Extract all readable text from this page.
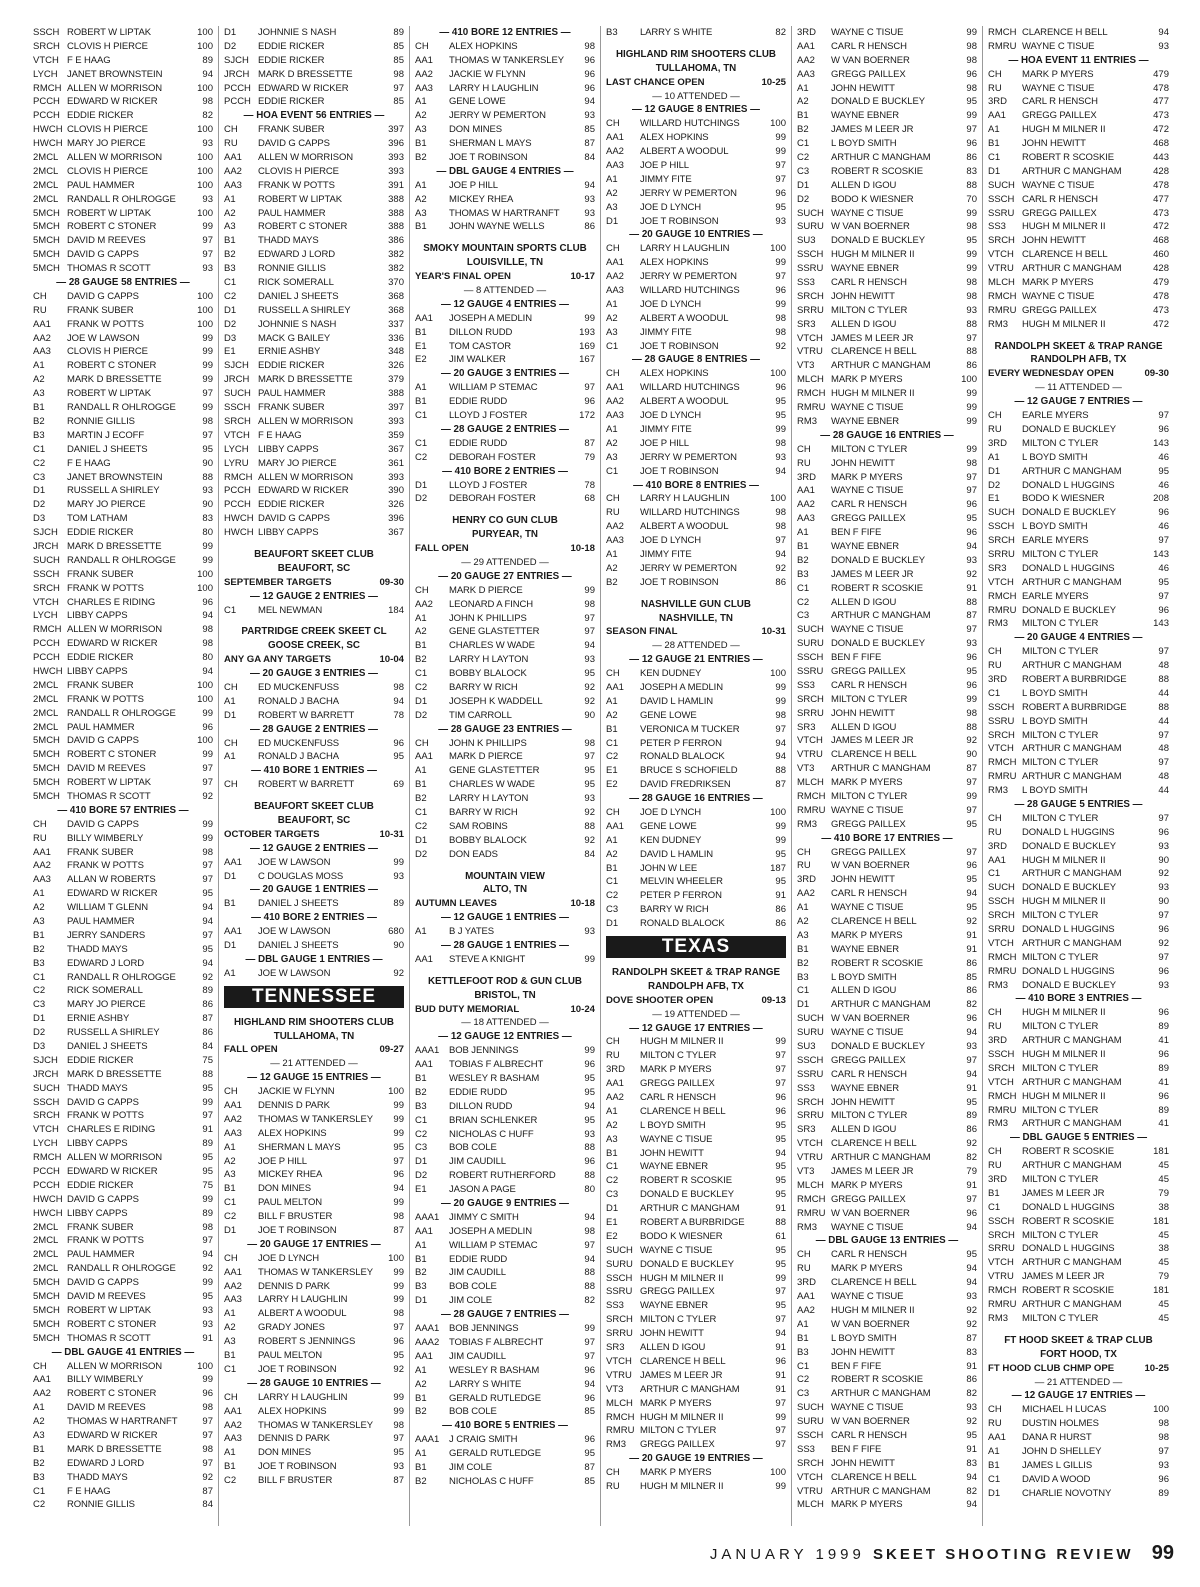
SSCH ROBERT W LIPTAK	100
SRCH CLOVIS H PIERCE	100
VTCH F E HAAG	89
LYCH JANET BROWNSTEIN	94
RMCH ALLEN W MORRISON	100
PCCH EDWARD W RICKER	98
PCCH EDDIE RICKER	82
HWCH CLOVIS H PIERCE	100
HWCH MARY JO PIERCE	93
2MCL ALLEN W MORRISON	100
2MCL CLOVIS H PIERCE	100
2MCL PAUL HAMMER	100
2MCL RANDALL R OHLROGGE	93
5MCH ROBERT W LIPTAK	100
5MCH ROBERT C STONER	99
5MCH DAVID M REEVES	97
5MCH DAVID G CAPPS	97
5MCH THOMAS R SCOTT	93
— 28 GAUGE 58 ENTRIES —
CH	DAVID G CAPPS	100
RU	FRANK SUBER	100
AA1	FRANK W POTTS	100
AA2	JOE W LAWSON	99
AA3	CLOVIS H PIERCE	99
A1	ROBERT C STONER	99
A2	MARK D BRESSETTE	99
A3	ROBERT W LIPTAK	97
B1	RANDALL R OHLROGGE	99
B2	RONNIE GILLIS	98
B3	MARTIN J ECOFF	97
C1	DANIEL J SHEETS	95
C2	F E HAAG	90
C3	JANET BROWNSTEIN	88
D1	RUSSELL A SHIRLEY	93
D2	MARY JO PIERCE	90
D3	TOM LATHAM	83
SJCH EDDIE RICKER	80
JRCH MARK D BRESSETTE	99
SUCH RANDALL R OHLROGGE	99
SSCH FRANK SUBER	100
SRCH FRANK W POTTS	100
VTCH CHARLES E RIDING	96
LYCH LIBBY CAPPS	94
RMCH ALLEN W MORRISON	98
PCCH EDWARD W RICKER	98
PCCH EDDIE RICKER	80
HWCH LIBBY CAPPS	94
2MCL FRANK SUBER	100
2MCL FRANK W POTTS	100
2MCL RANDALL R OHLROGGE	99
2MCL PAUL HAMMER	96
5MCH DAVID G CAPPS	100
5MCH ROBERT C STONER	99
5MCH DAVID M REEVES	97
5MCH ROBERT W LIPTAK	97
5MCH THOMAS R SCOTT	92
— 410 BORE 57 ENTRIES —
CH	DAVID G CAPPS	99
RU	BILLY WIMBERLY	99
AA1	FRANK SUBER	98
AA2	FRANK W POTTS	97
AA3	ALLAN W ROBERTS	97
A1	EDWARD W RICKER	95
A2	WILLIAM T GLENN	94
A3	PAUL HAMMER	94
B1	JERRY SANDERS	97
B2	THADD MAYS	95
B3	EDWARD J LORD	94
C1	RANDALL R OHLROGGE	92
C2	RICK SOMERALL	89
C3	MARY JO PIERCE	86
D1	ERNIE ASHBY	87
D2	RUSSELL A SHIRLEY	86
D3	DANIEL J SHEETS	84
SJCH EDDIE RICKER	75
JRCH MARK D BRESSETTE	88
SUCH THADD MAYS	95
SSCH DAVID G CAPPS	99
SRCH FRANK W POTTS	97
VTCH CHARLES E RIDING	91
LYCH LIBBY CAPPS	89
RMCH ALLEN W MORRISON	95
PCCH EDWARD W RICKER	95
PCCH EDDIE RICKER	75
HWCH DAVID G CAPPS	99
HWCH LIBBY CAPPS	89
2MCL FRANK SUBER	98
2MCL FRANK W POTTS	97
2MCL PAUL HAMMER	94
2MCL RANDALL R OHLROGGE	92
5MCH DAVID G CAPPS	99
5MCH DAVID M REEVES	95
5MCH ROBERT W LIPTAK	93
5MCH ROBERT C STONER	93
5MCH THOMAS R SCOTT	91
— DBL GAUGE 41 ENTRIES —
CH	ALLEN W MORRISON	100
AA1	BILLY WIMBERLY	99
AA2	ROBERT C STONER	96
A1	DAVID M REEVES	98
A2	THOMAS W HARTRANFT	97
A3	EDWARD W RICKER	97
B1	MARK D BRESSETTE	98
B2	EDWARD J LORD	97
B3	THADD MAYS	92
C1	F E HAAG	87
C2	RONNIE GILLIS	84
D1	JOHNNIE S NASH	89
D2	EDDIE RICKER	85
SJCH EDDIE RICKER	85
JRCH MARK D BRESSETTE	98
PCCH EDWARD W RICKER	97
PCCH EDDIE RICKER	85
— HOA EVENT 56 ENTRIES —
CH	FRANK SUBER	397
RU	DAVID G CAPPS	396
AA1	ALLEN W MORRISON	393
AA2	CLOVIS H PIERCE	393
AA3	FRANK W POTTS	391
A1	ROBERT W LIPTAK	388
A2	PAUL HAMMER	388
A3	ROBERT C STONER	388
B1	THADD MAYS	386
B2	EDWARD J LORD	382
B3	RONNIE GILLIS	382
C1	RICK SOMERALL	370
C2	DANIEL J SHEETS	368
D1	RUSSELL A SHIRLEY	368
D2	JOHNNIE S NASH	337
D3	MACK G BAILEY	336
E1	ERNIE ASHBY	348
SJCH EDDIE RICKER	326
JRCH MARK D BRESSETTE	379
SUCH PAUL HAMMER	388
SSCH FRANK SUBER	397
SRCH ALLEN W MORRISON	393
VTCH F E HAAG	359
LYCH LIBBY CAPPS	367
LYRU MARY JO PIERCE	361
RMCH ALLEN W MORRISON	393
PCCH EDWARD W RICKER	390
PCCH EDDIE RICKER	326
HWCH DAVID G CAPPS	396
HWCH LIBBY CAPPS	367
BEAUFORT SKEET CLUB
BEAUFORT, SC
SEPTEMBER TARGETS	09-30
— 12 GAUGE 2 ENTRIES —
C1	MEL NEWMAN	184
PARTRIDGE CREEK SKEET CL
GOOSE CREEK, SC
ANY GA ANY TARGETS	10-04
— 20 GAUGE 3 ENTRIES —
CH	ED MUCKENFUSS	98
A1	RONALD J BACHA	94
D1	ROBERT W BARRETT	78
— 28 GAUGE 2 ENTRIES —
CH	ED MUCKENFUSS	96
A1	RONALD J BACHA	95
— 410 BORE 1 ENTRIES —
CH	ROBERT W BARRETT	69
BEAUFORT SKEET CLUB
BEAUFORT, SC
OCTOBER TARGETS	10-31
— 12 GAUGE 2 ENTRIES —
AA1	JOE W LAWSON	99
D1	C DOUGLAS MOSS	93
— 20 GAUGE 1 ENTRIES —
B1	DANIEL J SHEETS	89
— 410 BORE 2 ENTRIES —
AA1	JOE W LAWSON	680
D1	DANIEL J SHEETS	90
— DBL GAUGE 1 ENTRIES —
A1	JOE W LAWSON	92
TENNESSEE
HIGHLAND RIM SHOOTERS CLUB
TULLAHOMA, TN
FALL OPEN	09-27
— 21 ATTENDED —
— 12 GAUGE 15 ENTRIES —
CH	JACKIE W FLYNN	100
AA1	DENNIS D PARK	99
AA2	THOMAS W TANKERSLEY	99
AA3	ALEX HOPKINS	99
A1	SHERMAN L MAYS	95
A2	JOE P HILL	97
A3	MICKEY RHEA	96
B1	DON MINES	94
C1	PAUL MELTON	99
C2	BILL F BRUSTER	98
D1	JOE T ROBINSON	87
— 20 GAUGE 17 ENTRIES —
CH	JOE D LYNCH	100
AA1	THOMAS W TANKERSLEY	99
AA2	DENNIS D PARK	99
AA3	LARRY H LAUGHLIN	99
A1	ALBERT A WOODUL	98
A2	GRADY JONES	97
A3	ROBERT S JENNINGS	96
B1	PAUL MELTON	95
C1	JOE T ROBINSON	92
— 28 GAUGE 10 ENTRIES —
CH	LARRY H LAUGHLIN	99
AA1	ALEX HOPKINS	99
AA2	THOMAS W TANKERSLEY	98
AA3	DENNIS D PARK	97
A1	DON MINES	95
B1	JOE T ROBINSON	93
C2	BILL F BRUSTER	87
— 410 BORE 12 ENTRIES —
CH	ALEX HOPKINS	98
AA1	THOMAS W TANKERSLEY	96
AA2	JACKIE W FLYNN	96
AA3	LARRY H LAUGHLIN	96
A1	GENE LOWE	94
A2	JERRY W PEMERTON	93
A3	DON MINES	85
B1	SHERMAN L MAYS	87
B2	JOE T ROBINSON	84
— DBL GAUGE 4 ENTRIES —
A1	JOE P HILL	94
A2	MICKEY RHEA	93
A3	THOMAS W HARTRANFT	93
B1	JOHN WAYNE WELLS	86
SMOKY MOUNTAIN SPORTS CLUB
LOUISVILLE, TN
YEAR'S FINAL OPEN	10-17
— 8 ATTENDED —
— 12 GAUGE 4 ENTRIES —
AA1	JOSEPH A MEDLIN	99
B1	DILLON RUDD	193
E1	TOM CASTOR	169
E2	JIM WALKER	167
— 20 GAUGE 3 ENTRIES —
A1	WILLIAM P STEMAC	97
B1	EDDIE RUDD	96
C1	LLOYD J FOSTER	172
— 28 GAUGE 2 ENTRIES —
C1	EDDIE RUDD	87
C2	DEBORAH FOSTER	79
— 410 BORE 2 ENTRIES —
D1	LLOYD J FOSTER	78
D2	DEBORAH FOSTER	68
HENRY CO GUN CLUB
PURYEAR, TN
FALL OPEN	10-18
— 29 ATTENDED —
— 20 GAUGE 27 ENTRIES —
CH	MARK D PIERCE	99
AA2	LEONARD A FINCH	98
A1	JOHN K PHILLIPS	97
A2	GENE GLASTETTER	97
B1	CHARLES W WADE	94
B2	LARRY H LAYTON	93
C1	BOBBY BLALOCK	95
C2	BARRY W RICH	92
D1	JOSEPH K WADDELL	92
D2	TIM CARROLL	90
— 28 GAUGE 23 ENTRIES —
CH	JOHN K PHILLIPS	98
AA1	MARK D PIERCE	97
A1	GENE GLASTETTER	95
B1	CHARLES W WADE	95
B2	LARRY H LAYTON	93
C1	BARRY W RICH	92
C2	SAM ROBINS	88
D1	BOBBY BLALOCK	92
D2	DON EADS	84
MOUNTAIN VIEW
ALTO, TN
AUTUMN LEAVES	10-18
— 12 GAUGE 1 ENTRIES —
A1	B J YATES	93
— 28 GAUGE 1 ENTRIES —
AA1	STEVE A KNIGHT	99
KETTLEFOOT ROD & GUN CLUB
BRISTOL, TN
BUD DUTY MEMORIAL	10-24
— 18 ATTENDED —
— 12 GAUGE 12 ENTRIES —
AAA1	BOB JENNINGS	99
AA1	TOBIAS F ALBRECHT	96
B1	WESLEY R BASHAM	95
B2	EDDIE RUDD	95
B3	DILLON RUDD	94
C1	BRIAN SCHLENKER	95
C2	NICHOLAS C HUFF	93
C3	BOB COLE	88
D1	JIM CAUDILL	96
D2	ROBERT RUTHERFORD	88
E1	JASON A PAGE	80
— 20 GAUGE 9 ENTRIES —
AAA1	JIMMY C SMITH	94
AA1	JOSEPH A MEDLIN	98
A1	WILLIAM P STEMAC	97
B1	EDDIE RUDD	94
B2	JIM CAUDILL	88
B3	BOB COLE	88
D1	JIM COLE	82
— 28 GAUGE 7 ENTRIES —
AAA1	BOB JENNINGS	99
AAA2	TOBIAS F ALBRECHT	97
AA1	JIM CAUDILL	97
A1	WESLEY R BASHAM	96
A2	LARRY S WHITE	94
B1	GERALD RUTLEDGE	96
B2	BOB COLE	85
— 410 BORE 5 ENTRIES —
AAA1	J CRAIG SMITH	96
A1	GERALD RUTLEDGE	95
B1	JIM COLE	87
B2	NICHOLAS C HUFF	85
B3	LARRY S WHITE	82
HIGHLAND RIM SHOOTERS CLUB
TULLAHOMA, TN
LAST CHANCE OPEN	10-25
— 10 ATTENDED —
— 12 GAUGE 8 ENTRIES —
CH	WILLARD HUTCHINGS	100
AA1	ALEX HOPKINS	99
AA2	ALBERT A WOODUL	99
AA3	JOE P HILL	97
A1	JIMMY FITE	97
A2	JERRY W PEMERTON	96
A3	JOE D LYNCH	95
D1	JOE T ROBINSON	93
— 20 GAUGE 10 ENTRIES —
CH	LARRY H LAUGHLIN	100
AA1	ALEX HOPKINS	99
AA2	JERRY W PEMERTON	97
AA3	WILLARD HUTCHINGS	96
A1	JOE D LYNCH	99
A2	ALBERT A WOODUL	98
A3	JIMMY FITE	98
C1	JOE T ROBINSON	92
— 28 GAUGE 8 ENTRIES —
CH	ALEX HOPKINS	100
AA1	WILLARD HUTCHINGS	96
AA2	ALBERT A WOODUL	95
AA3	JOE D LYNCH	95
A1	JIMMY FITE	99
A2	JOE P HILL	98
A3	JERRY W PEMERTON	93
C1	JOE T ROBINSON	94
— 410 BORE 8 ENTRIES —
CH	LARRY H LAUGHLIN	100
RU	WILLARD HUTCHINGS	98
AA2	ALBERT A WOODUL	98
AA3	JOE D LYNCH	97
A1	JIMMY FITE	94
A2	JERRY W PEMERTON	92
B2	JOE T ROBINSON	86
NASHVILLE GUN CLUB
NASHVILLE, TN
SEASON FINAL	10-31
— 28 ATTENDED —
— 12 GAUGE 21 ENTRIES —
CH	KEN DUDNEY	100
AA1	JOSEPH A MEDLIN	99
A1	DAVID L HAMLIN	99
A2	GENE LOWE	98
B1	VERONICA M TUCKER	97
C1	PETER P FERRON	94
C2	RONALD BLALOCK	94
E1	BRUCE S SCHOFIELD	88
E2	DAVID FREDRIKSEN	87
— 28 GAUGE 16 ENTRIES —
CH	JOE D LYNCH	100
AA1	GENE LOWE	99
A1	KEN DUDNEY	99
A2	DAVID L HAMLIN	95
B1	JOHN W LEE	187
C1	MELVIN WHEELER	95
C2	PETER P FERRON	91
C3	BARRY W RICH	86
D1	RONALD BLALOCK	86
TEXAS
RANDOLPH SKEET & TRAP RANGE
RANDOLPH AFB, TX
DOVE SHOOTER OPEN	09-13
— 19 ATTENDED —
— 12 GAUGE 17 ENTRIES —
CH	HUGH M MILNER II	99
RU	MILTON C TYLER	97
3RD	MARK P MYERS	97
AA1	GREGG PAILLEX	97
AA2	CARL R HENSCH	96
A1	CLARENCE H BELL	96
A2	L BOYD SMITH	95
A3	WAYNE C TISUE	95
B1	JOHN HEWITT	94
C1	WAYNE EBNER	95
C2	ROBERT R SCOSKIE	95
C3	DONALD E BUCKLEY	95
D1	ARTHUR C MANGHAM	91
E1	ROBERT A BURBRIDGE	88
E2	BODO K WIESNER	61
SUCH WAYNE C TISUE	95
SURU DONALD E BUCKLEY	95
SSCH HUGH M MILNER II	99
SSRU GREGG PAILLEX	97
SS3	WAYNE EBNER	95
SRCH MILTON C TYLER	97
SRRU JOHN HEWITT	94
SR3	ALLEN D IGOU	91
VTCH CLARENCE H BELL	96
VTRU JAMES M LEER JR	91
VT3	ARTHUR C MANGHAM	91
MLCH MARK P MYERS	97
RMCH HUGH M MILNER II	99
RMRU MILTON C TYLER	97
RM3	GREGG PAILLEX	97
— 20 GAUGE 19 ENTRIES —
CH	MARK P MYERS	100
RU	HUGH M MILNER II	99
3RD	WAYNE C TISUE	99
AA1	CARL R HENSCH	98
AA2	W VAN BOERNER	98
AA3	GREGG PAILLEX	96
A1	JOHN HEWITT	98
A2	DONALD E BUCKLEY	95
B1	WAYNE EBNER	99
B2	JAMES M LEER JR	97
C1	L BOYD SMITH	96
C2	ARTHUR C MANGHAM	86
C3	ROBERT R SCOSKIE	83
D1	ALLEN D IGOU	88
D2	BODO K WIESNER	70
SUCH WAYNE C TISUE	99
SURU W VAN BOERNER	98
SU3	DONALD E BUCKLEY	95
SSCH HUGH M MILNER II	99
SSRU WAYNE EBNER	99
SS3	CARL R HENSCH	98
SRCH JOHN HEWITT	98
SRRU MILTON C TYLER	93
SR3	ALLEN D IGOU	88
VTCH JAMES M LEER JR	97
VTRU CLARENCE H BELL	88
VT3	ARTHUR C MANGHAM	86
MLCH MARK P MYERS	100
RMCH HUGH M MILNER II	99
RMRU WAYNE C TISUE	99
RM3	WAYNE EBNER	99
— 28 GAUGE 16 ENTRIES —
CH	MILTON C TYLER	99
RU	JOHN HEWITT	98
3RD	MARK P MYERS	97
AA1	WAYNE C TISUE	97
AA2	CARL R HENSCH	96
AA3	GREGG PAILLEX	95
A1	BEN F FIFE	96
B1	WAYNE EBNER	94
B2	DONALD E BUCKLEY	93
B3	JAMES M LEER JR	92
C1	ROBERT R SCOSKIE	91
C2	ALLEN D IGOU	88
C3	ARTHUR C MANGHAM	87
SUCH WAYNE C TISUE	97
SURU DONALD E BUCKLEY	93
SSCH BEN F FIFE	96
SSRU GREGG PAILLEX	95
SS3	CARL R HENSCH	96
SRCH MILTON C TYLER	99
SRRU JOHN HEWITT	98
SR3	ALLEN D IGOU	88
VTCH JAMES M LEER JR	92
VTRU CLARENCE H BELL	90
VT3	ARTHUR C MANGHAM	87
MLCH MARK P MYERS	97
RMCH MILTON C TYLER	99
RMRU WAYNE C TISUE	97
RM3	GREGG PAILLEX	95
— 410 BORE 17 ENTRIES —
CH	GREGG PAILLEX	97
RU	W VAN BOERNER	96
3RD	JOHN HEWITT	95
AA2	CARL R HENSCH	94
A1	WAYNE C TISUE	95
A2	CLARENCE H BELL	92
A3	MARK P MYERS	91
B1	WAYNE EBNER	91
B2	ROBERT R SCOSKIE	86
B3	L BOYD SMITH	85
C1	ALLEN D IGOU	86
D1	ARTHUR C MANGHAM	82
SUCH W VAN BOERNER	96
SURU WAYNE C TISUE	94
SU3	DONALD E BUCKLEY	93
SSCH GREGG PAILLEX	97
SSRU CARL R HENSCH	94
SS3	WAYNE EBNER	91
SRCH JOHN HEWITT	95
SRRU MILTON C TYLER	89
SR3	ALLEN D IGOU	86
VTCH CLARENCE H BELL	92
VTRU ARTHUR C MANGHAM	82
VT3	JAMES M LEER JR	79
MLCH MARK P MYERS	91
RMCH GREGG PAILLEX	97
RMRU W VAN BOERNER	96
RM3	WAYNE C TISUE	94
— DBL GAUGE 13 ENTRIES —
CH	CARL R HENSCH	95
RU	MARK P MYERS	94
3RD	CLARENCE H BELL	94
AA1	WAYNE C TISUE	93
AA2	HUGH M MILNER II	92
A1	W VAN BOERNER	92
B1	L BOYD SMITH	87
B3	JOHN HEWITT	83
C1	BEN F FIFE	91
C2	ROBERT R SCOSKIE	86
C3	ARTHUR C MANGHAM	82
SUCH WAYNE C TISUE	93
SURU W VAN BOERNER	92
SSCH CARL R HENSCH	95
SS3	BEN F FIFE	91
SRCH JOHN HEWITT	83
VTCH CLARENCE H BELL	94
VTRU ARTHUR C MANGHAM	82
MLCH MARK P MYERS	94
RMCH CLARENCE H BELL	94
RMRU WAYNE C TISUE	93
— HOA EVENT 11 ENTRIES —
CH	MARK P MYERS	479
RU	WAYNE C TISUE	478
3RD	CARL R HENSCH	477
AA1	GREGG PAILLEX	473
A1	HUGH M MILNER II	472
B1	JOHN HEWITT	468
C1	ROBERT R SCOSKIE	443
D1	ARTHUR C MANGHAM	428
SUCH WAYNE C TISUE	478
SSCH CARL R HENSCH	477
SSRU GREGG PAILLEX	473
SS3	HUGH M MILNER II	472
SRCH JOHN HEWITT	468
VTCH CLARENCE H BELL	460
VTRU ARTHUR C MANGHAM	428
MLCH MARK P MYERS	479
RMCH WAYNE C TISUE	478
RMRU GREGG PAILLEX	473
RM3	HUGH M MILNER II	472
RANDOLPH SKEET & TRAP RANGE
RANDOLPH AFB, TX
EVERY WEDNESDAY OPEN	09-30
— 11 ATTENDED —
— 12 GAUGE 7 ENTRIES —
CH	EARLE MYERS	97
RU	DONALD E BUCKLEY	96
3RD	MILTON C TYLER	143
A1	L BOYD SMITH	46
D1	ARTHUR C MANGHAM	95
D2	DONALD L HUGGINS	46
E1	BODO K WIESNER	208
SUCH DONALD E BUCKLEY	96
SSCH L BOYD SMITH	46
SRCH EARLE MYERS	97
SRRU MILTON C TYLER	143
SR3	DONALD L HUGGINS	46
VTCH ARTHUR C MANGHAM	95
RMCH EARLE MYERS	97
RMRU DONALD E BUCKLEY	96
RM3	MILTON C TYLER	143
— 20 GAUGE 4 ENTRIES —
CH	MILTON C TYLER	97
RU	ARTHUR C MANGHAM	48
3RD	ROBERT A BURBRIDGE	88
C1	L BOYD SMITH	44
SSCH ROBERT A BURBRIDGE	88
SSRU L BOYD SMITH	44
SRCH MILTON C TYLER	97
VTCH ARTHUR C MANGHAM	48
RMCH MILTON C TYLER	97
RMRU ARTHUR C MANGHAM	48
RM3	L BOYD SMITH	44
— 28 GAUGE 5 ENTRIES —
CH	MILTON C TYLER	97
RU	DONALD L HUGGINS	96
3RD	DONALD E BUCKLEY	93
AA1	HUGH M MILNER II	90
C1	ARTHUR C MANGHAM	92
SUCH DONALD E BUCKLEY	93
SSCH HUGH M MILNER II	90
SRCH MILTON C TYLER	97
SRRU DONALD L HUGGINS	96
VTCH ARTHUR C MANGHAM	92
RMCH MILTON C TYLER	97
RMRU DONALD L HUGGINS	96
RM3	DONALD E BUCKLEY	93
— 410 BORE 3 ENTRIES —
CH	HUGH M MILNER II	96
RU	MILTON C TYLER	89
3RD	ARTHUR C MANGHAM	41
SSCH HUGH M MILNER II	96
SRCH MILTON C TYLER	89
VTCH ARTHUR C MANGHAM	41
RMCH HUGH M MILNER II	96
RMRU MILTON C TYLER	89
RM3	ARTHUR C MANGHAM	41
— DBL GAUGE 5 ENTRIES —
CH	ROBERT R SCOSKIE	181
RU	ARTHUR C MANGHAM	45
3RD	MILTON C TYLER	45
B1	JAMES M LEER JR	79
C1	DONALD L HUGGINS	38
SSCH ROBERT R SCOSKIE	181
SRCH MILTON C TYLER	45
SRRU DONALD L HUGGINS	38
VTCH ARTHUR C MANGHAM	45
VTRU JAMES M LEER JR	79
RMCH ROBERT R SCOSKIE	181
RMRU ARTHUR C MANGHAM	45
RM3	MILTON C TYLER	45
FT HOOD SKEET & TRAP CLUB
FORT HOOD, TX
FT HOOD CLUB CHMP OPE	10-25
— 21 ATTENDED —
— 12 GAUGE 17 ENTRIES —
CH	MICHAEL H LUCAS	100
RU	DUSTIN HOLMES	98
AA1	DANA R HURST	98
A1	JOHN D SHELLEY	97
B1	JAMES L GILLIS	93
C1	DAVID A WOOD	96
D1	CHARLIE NOVOTNY	89
JANUARY 1999 SKEET SHOOTING REVIEW 99
